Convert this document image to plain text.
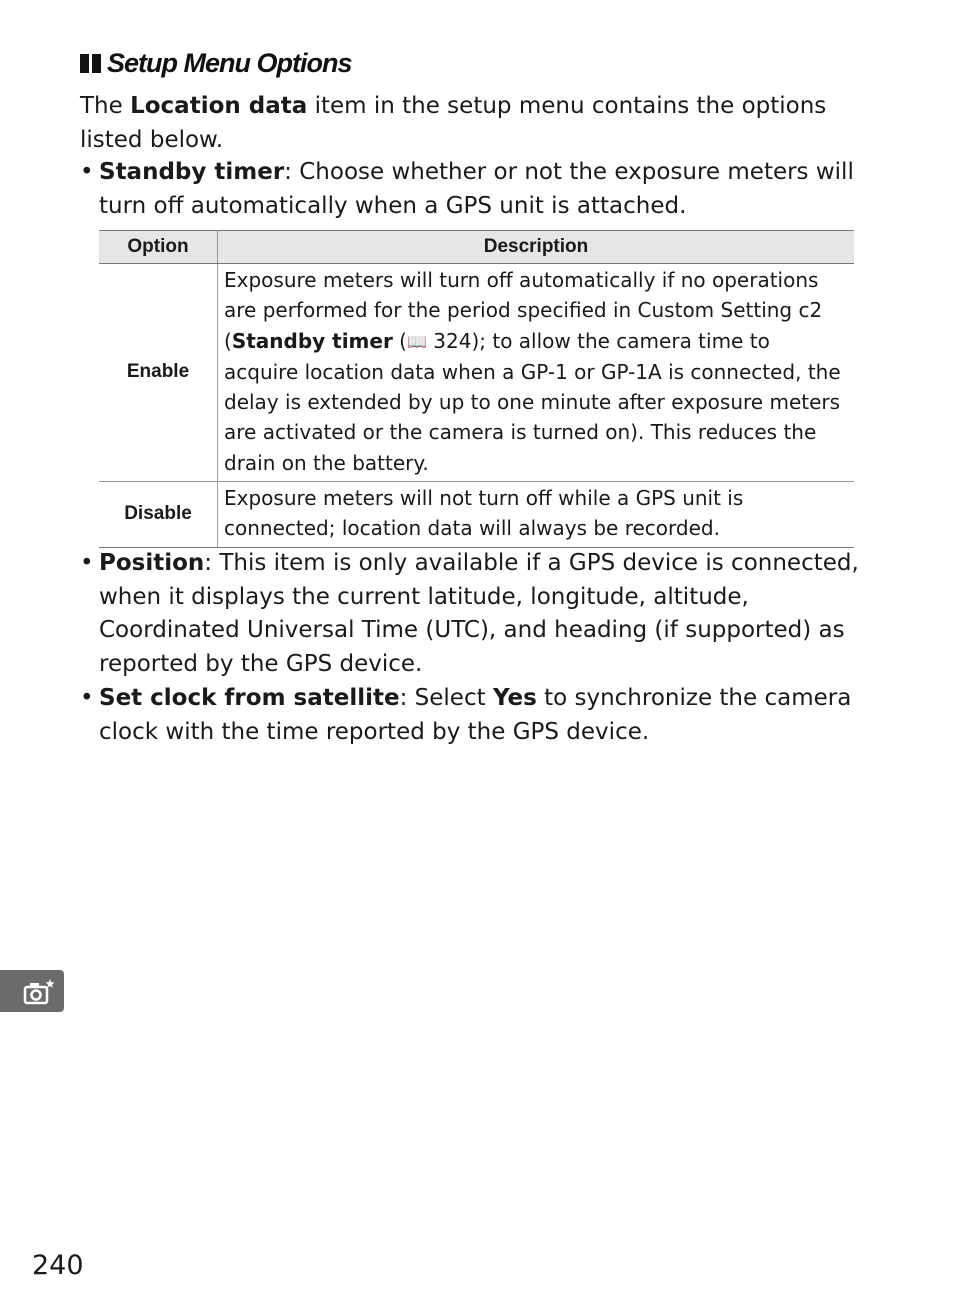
Setup Menu Options
The Location data item in the setup menu contains the options listed below.
• Standby timer: Choose whether or not the exposure meters will turn off automatically when a GPS unit is attached.
Option	Description
Enable	Exposure meters will turn off automatically if no operations are performed for the period specified in Custom Setting c2 (Standby timer (📖 324); to allow the camera time to acquire location data when a GP-1 or GP-1A is connected, the delay is extended by up to one minute after exposure meters are activated or the camera is turned on). This reduces the drain on the battery.
Disable	Exposure meters will not turn off while a GPS unit is connected; location data will always be recorded.
• Position: This item is only available if a GPS device is connected, when it displays the current latitude, longitude, altitude, Coordinated Universal Time (UTC), and heading (if supported) as reported by the GPS device.
• Set clock from satellite: Select Yes to synchronize the camera clock with the time reported by the GPS device.
240
